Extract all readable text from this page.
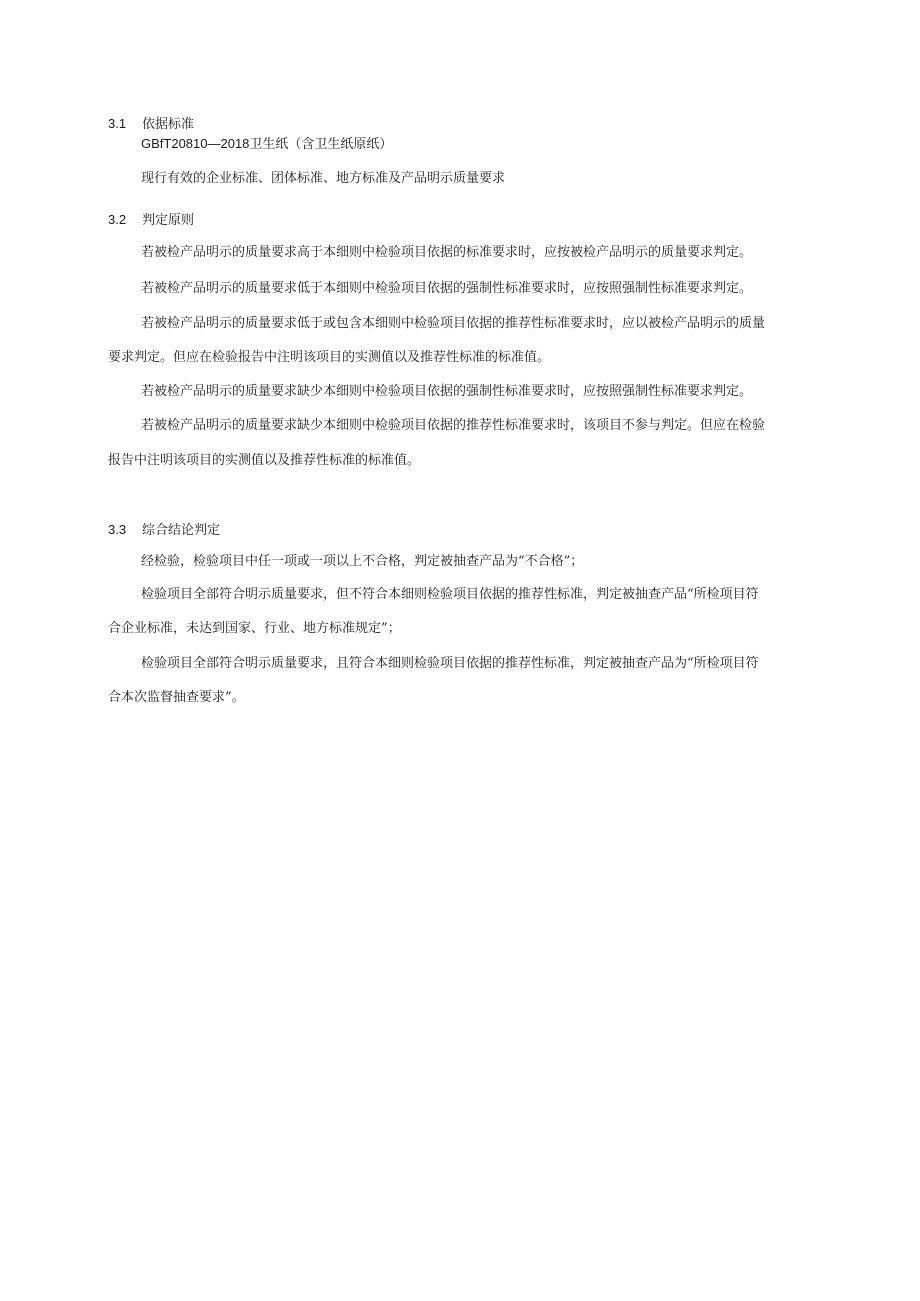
3.1 依据标准
GBfT20810—2018卫生纸（含卫生纸原纸）
现行有效的企业标准、团体标准、地方标准及产品明示质量要求
3.2 判定原则
若被检产品明示的质量要求高于本细则中检验项目依据的标准要求时，应按被检产品明示的质量要求判定。
若被检产品明示的质量要求低于本细则中检验项目依据的强制性标准要求时，应按照强制性标准要求判定。
若被检产品明示的质量要求低于或包含本细则中检验项目依据的推荐性标准要求时，应以被检产品明示的质量
要求判定。但应在检验报告中注明该项目的实测值以及推荐性标准的标准值。
若被检产品明示的质量要求缺少本细则中检验项目依据的强制性标准要求时，应按照强制性标准要求判定。
若被检产品明示的质量要求缺少本细则中检验项目依据的推荐性标准要求时，该项目不参与判定。但应在检验
报告中注明该项目的实测值以及推荐性标准的标准值。
3.3 综合结论判定
经检验，检验项目中任一项或一项以上不合格，判定被抽查产品为“不合格”；
检验项目全部符合明示质量要求，但不符合本细则检验项目依据的推荐性标准，判定被抽查产品“所检项目符
合企业标准，未达到国家、行业、地方标准规定”；
检验项目全部符合明示质量要求，且符合本细则检验项目依据的推荐性标准，判定被抽查产品为“所检项目符
合本次监督抽查要求”。
